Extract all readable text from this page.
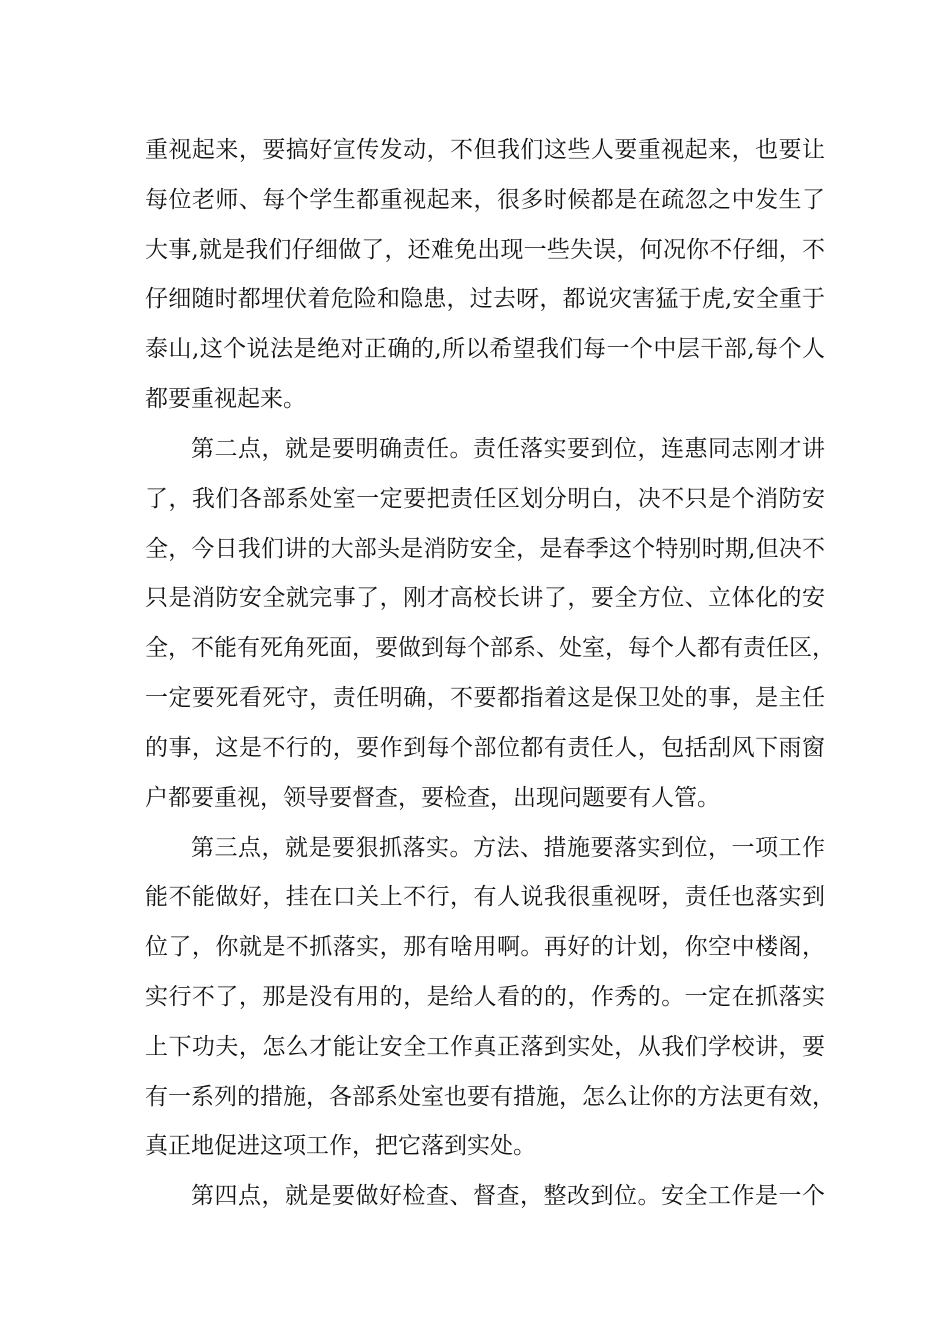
重视起来，要搞好宣传发动，不但我们这些人要重视起来，也要让
每位老师、每个学生都重视起来，很多时候都是在疏忽之中发生了
大事,就是我们仔细做了，还难免出现一些失误，何况你不仔细，不
仔细随时都埋伏着危险和隐患，过去呀，都说灾害猛于虎,安全重于
泰山,这个说法是绝对正确的,所以希望我们每一个中层干部,每个人
都要重视起来。
第二点，就是要明确责任。责任落实要到位，连惠同志刚才讲
了，我们各部系处室一定要把责任区划分明白，决不只是个消防安
全，今日我们讲的大部头是消防安全，是春季这个特别时期,但决不
只是消防安全就完事了，刚才高校长讲了，要全方位、立体化的安
全，不能有死角死面，要做到每个部系、处室，每个人都有责任区，
一定要死看死守，责任明确，不要都指着这是保卫处的事，是主任
的事，这是不行的，要作到每个部位都有责任人，包括刮风下雨窗
户都要重视，领导要督查，要检查，出现问题要有人管。
第三点，就是要狠抓落实。方法、措施要落实到位，一项工作
能不能做好，挂在口关上不行，有人说我很重视呀，责任也落实到
位了，你就是不抓落实，那有啥用啊。再好的计划，你空中楼阁，
实行不了，那是没有用的，是给人看的的，作秀的。一定在抓落实
上下功夫，怎么才能让安全工作真正落到实处，从我们学校讲，要
有一系列的措施，各部系处室也要有措施，怎么让你的方法更有效，
真正地促进这项工作，把它落到实处。
第四点，就是要做好检查、督查，整改到位。安全工作是一个
